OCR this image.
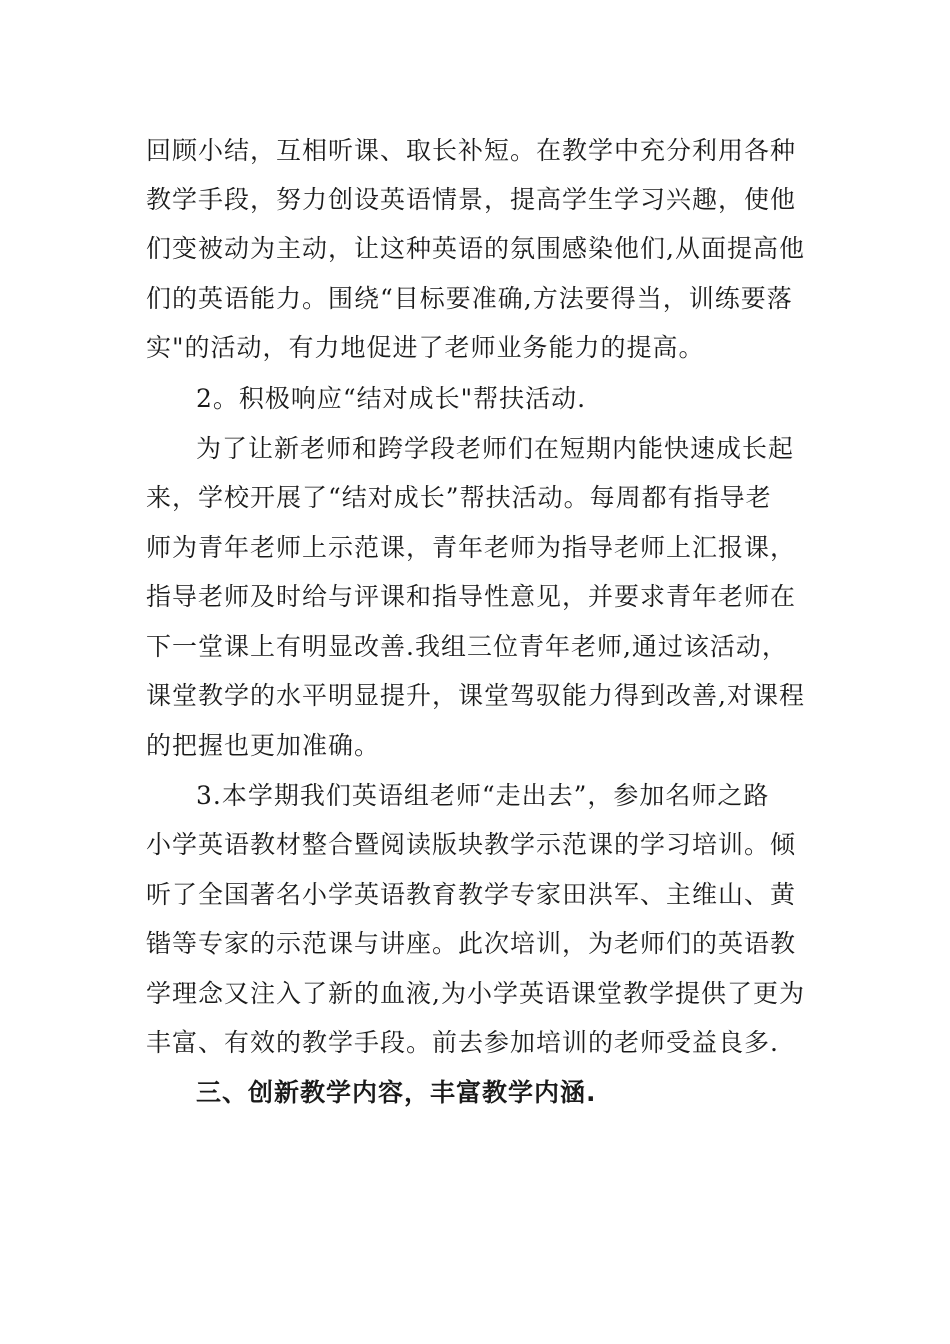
回顾小结，互相听课、取长补短。在教学中充分利用各种
教学手段，努力创设英语情景，提高学生学习兴趣，使他
们变被动为主动，让这种英语的氛围感染他们,从面提高他
们的英语能力。围绕“目标要准确,方法要得当，训练要落
实"的活动，有力地促进了老师业务能力的提高。
2。积极响应“结对成长"帮扶活动.
为了让新老师和跨学段老师们在短期内能快速成长起
来，学校开展了“结对成长”帮扶活动。每周都有指导老
师为青年老师上示范课，青年老师为指导老师上汇报课，
指导老师及时给与评课和指导性意见，并要求青年老师在
下一堂课上有明显改善.我组三位青年老师,通过该活动，
课堂教学的水平明显提升，课堂驾驭能力得到改善,对课程
的把握也更加准确。
3.本学期我们英语组老师“走出去”，参加名师之路
小学英语教材整合暨阅读版块教学示范课的学习培训。倾
听了全国著名小学英语教育教学专家田洪军、主维山、黄
锴等专家的示范课与讲座。此次培训，为老师们的英语教
学理念又注入了新的血液,为小学英语课堂教学提供了更为
丰富、有效的教学手段。前去参加培训的老师受益良多.
三、创新教学内容，丰富教学内涵.
